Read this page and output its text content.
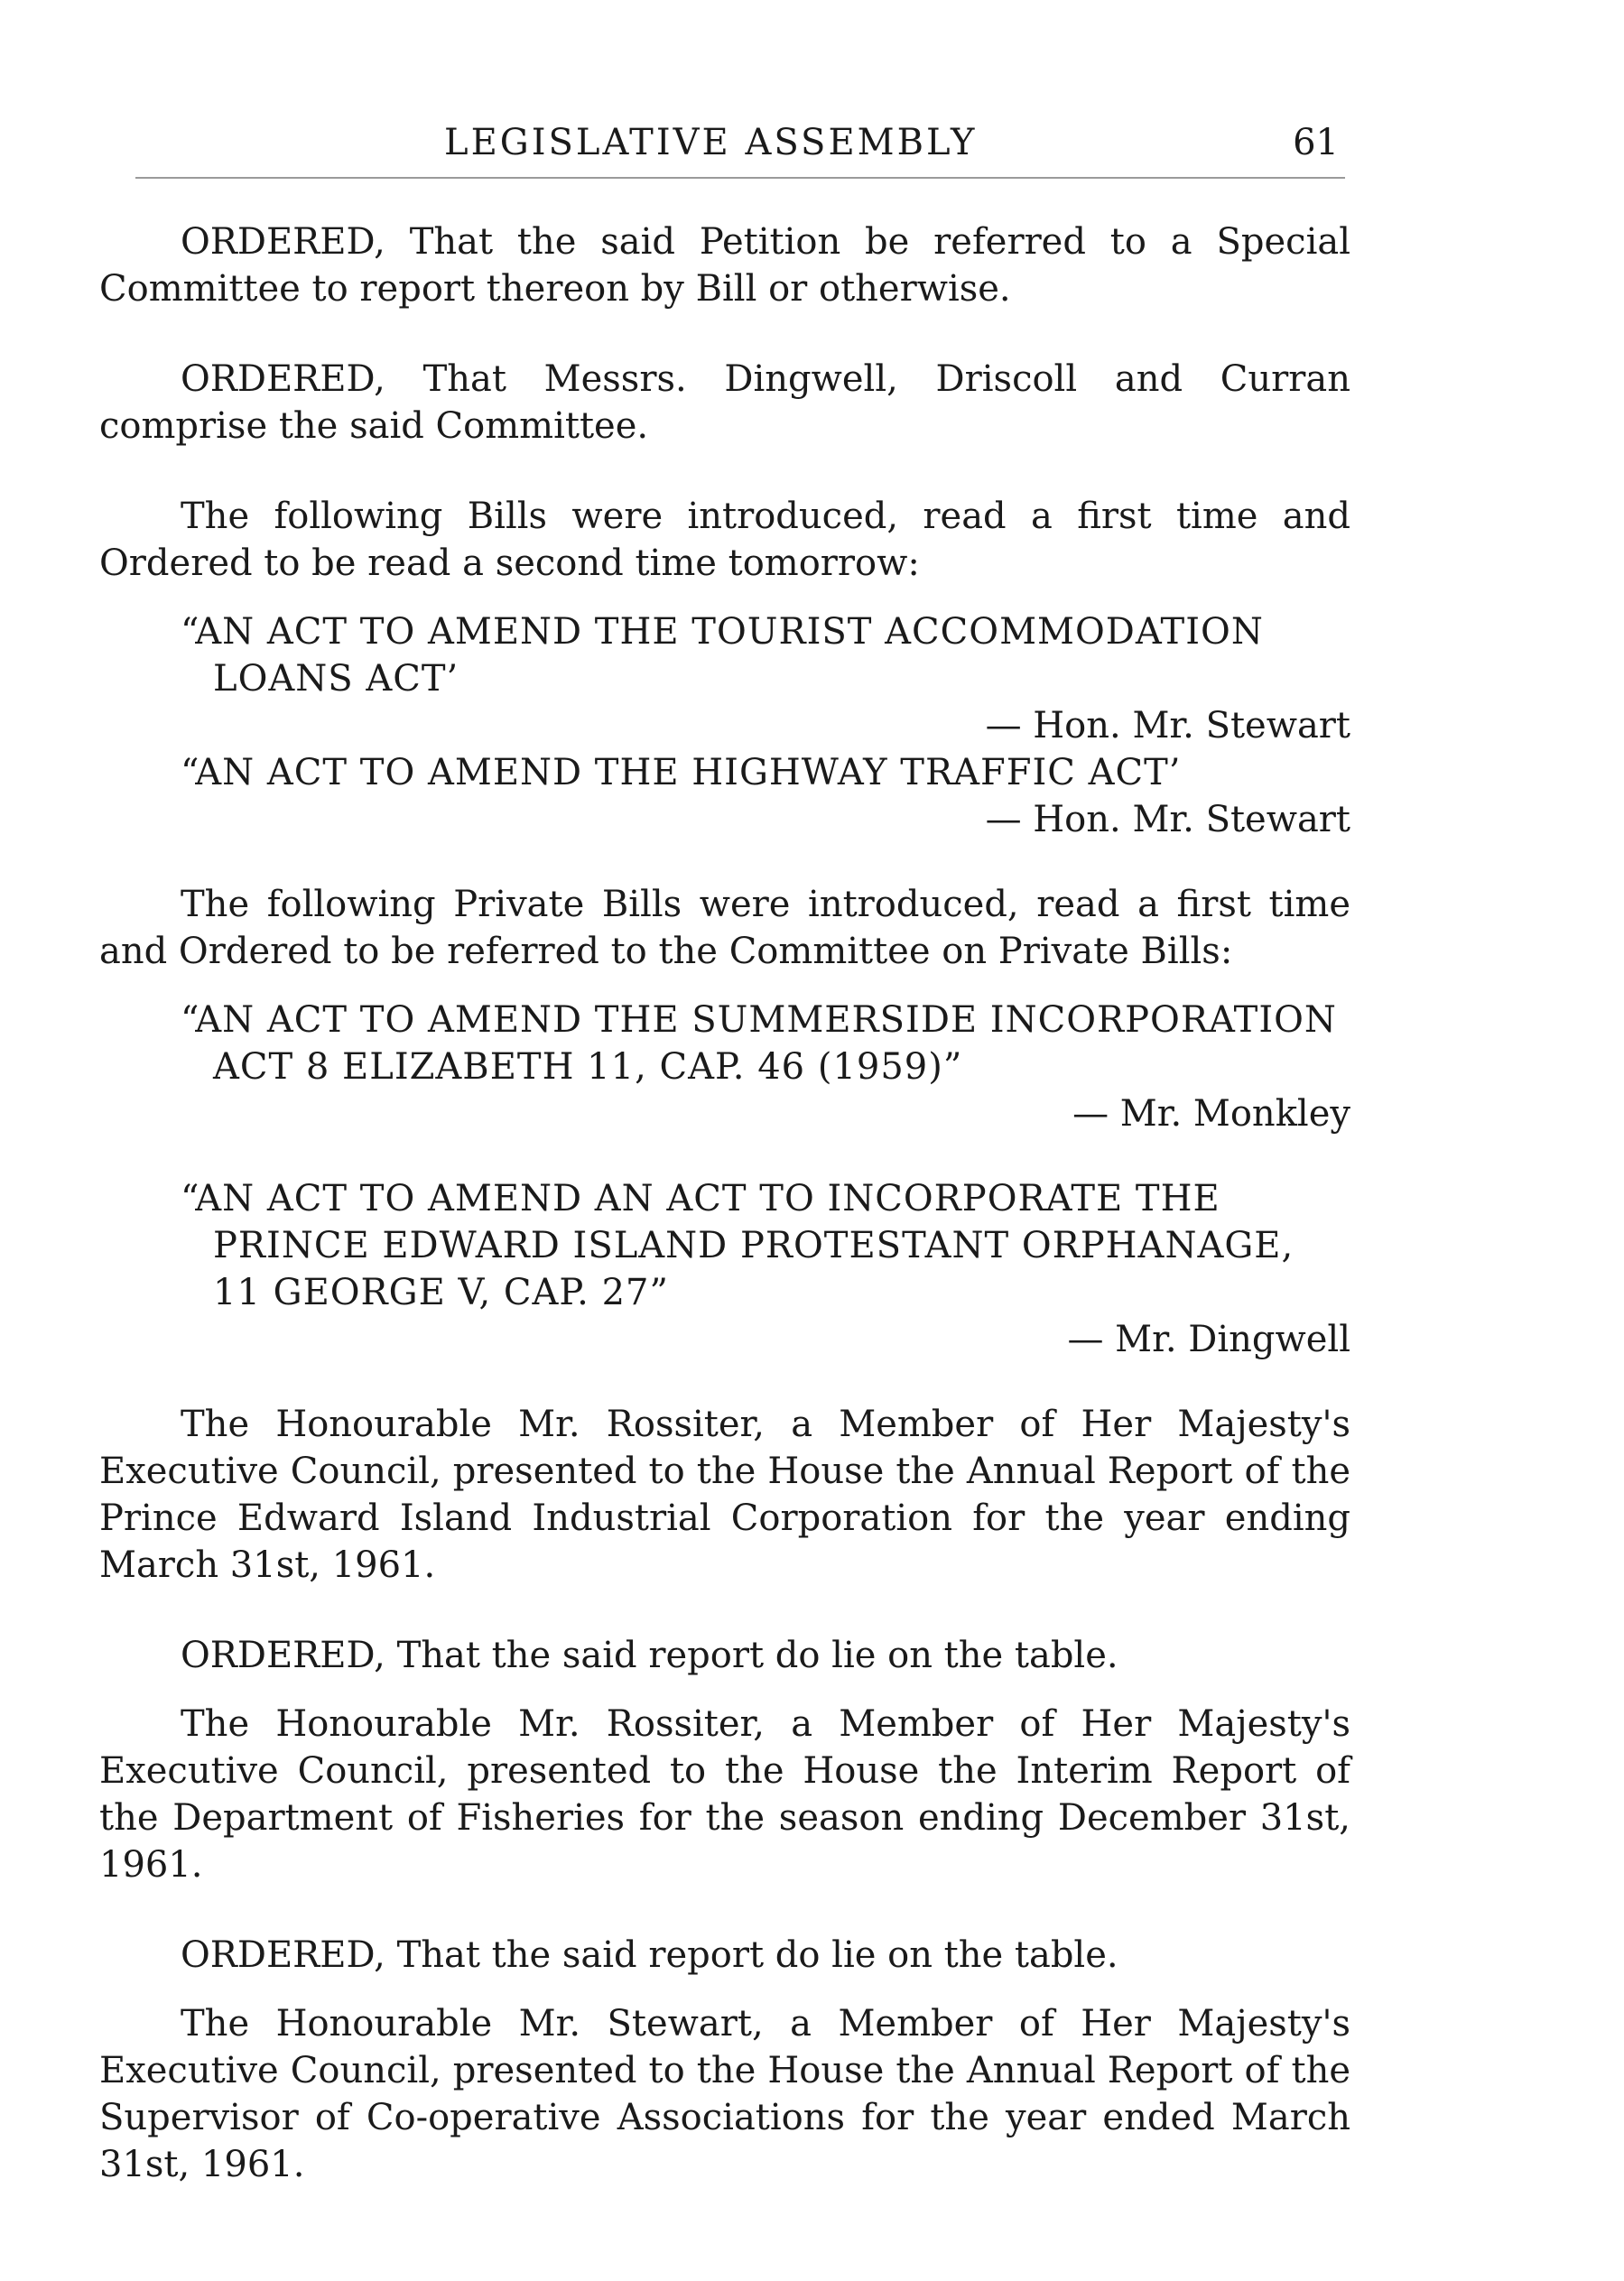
LEGISLATIVE ASSEMBLY	61

ORDERED, That the said Petition be referred to a Special Committee to report thereon by Bill or otherwise.

ORDERED, That Messrs. Dingwell, Driscoll and Curran comprise the said Committee.

The following Bills were introduced, read a first time and Ordered to be read a second time tomorrow:

“AN ACT TO AMEND THE TOURIST ACCOMMODATION LOANS ACT’
— Hon. Mr. Stewart
“AN ACT TO AMEND THE HIGHWAY TRAFFIC ACT’
— Hon. Mr. Stewart

The following Private Bills were introduced, read a first time and Ordered to be referred to the Committee on Private Bills:

“AN ACT TO AMEND THE SUMMERSIDE INCORPORATION ACT 8 ELIZABETH 11, CAP. 46 (1959)”
— Mr. Monkley
“AN ACT TO AMEND AN ACT TO INCORPORATE THE PRINCE EDWARD ISLAND PROTESTANT ORPHANAGE, 11 GEORGE V, CAP. 27”
— Mr. Dingwell

The Honourable Mr. Rossiter, a Member of Her Majesty's Executive Council, presented to the House the Annual Report of the Prince Edward Island Industrial Corporation for the year ending March 31st, 1961.

ORDERED, That the said report do lie on the table.

The Honourable Mr. Rossiter, a Member of Her Majesty's Executive Council, presented to the House the Interim Report of the Department of Fisheries for the season ending December 31st, 1961.

ORDERED, That the said report do lie on the table.

The Honourable Mr. Stewart, a Member of Her Majesty's Executive Council, presented to the House the Annual Report of the Supervisor of Co-operative Associations for the year ended March 31st, 1961.
